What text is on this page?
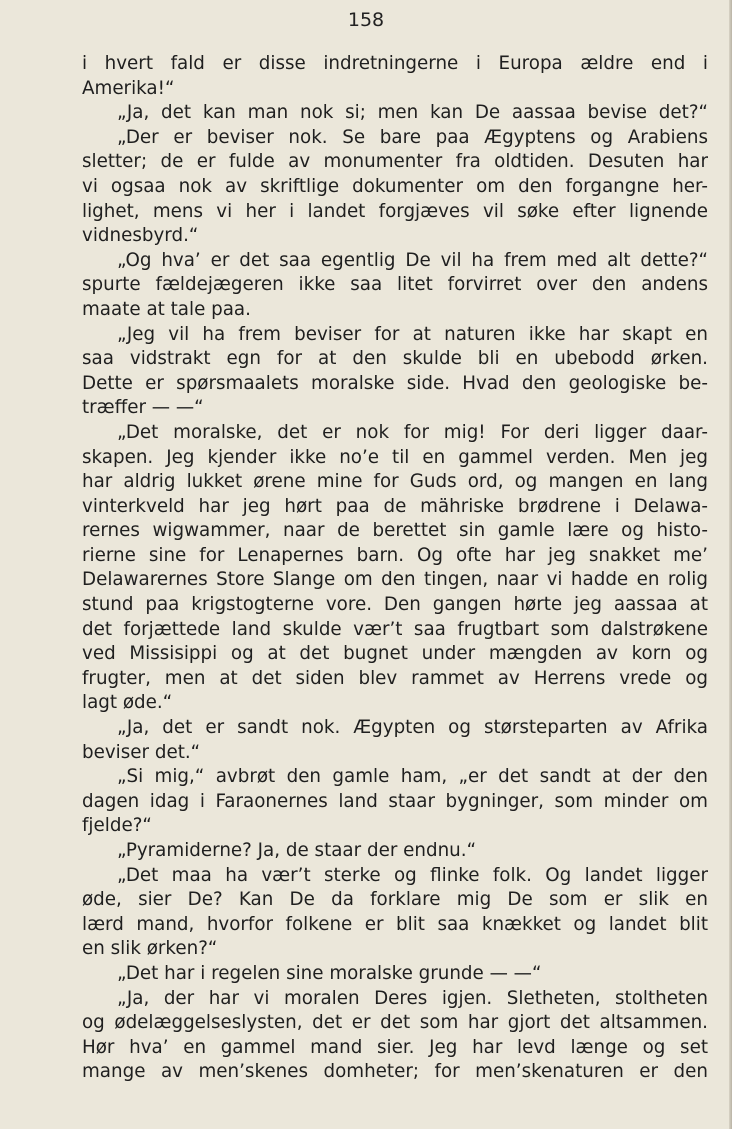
158
i hvert fald er disse indretningerne i Europa ældre end i
Amerika!“
„Ja, det kan man nok si; men kan De aassaa bevise det?“
„Der er beviser nok. Se bare paa Ægyptens og Arabiens
sletter; de er fulde av monumenter fra oldtiden. Desuten har
vi ogsaa nok av skriftlige dokumenter om den forgangne her-
lighet, mens vi her i landet forgjæves vil søke efter lignende
vidnesbyrd.“
„Og hva’ er det saa egentlig De vil ha frem med alt dette?“
spurte fældejægeren ikke saa litet forvirret over den andens
maate at tale paa.
„Jeg vil ha frem beviser for at naturen ikke har skapt en
saa vidstrakt egn for at den skulde bli en ubebodd ørken.
Dette er spørsmaalets moralske side. Hvad den geologiske be-
træffer — —“
„Det moralske, det er nok for mig! For deri ligger daar-
skapen. Jeg kjender ikke no’e til en gammel verden. Men jeg
har aldrig lukket ørene mine for Guds ord, og mangen en lang
vinterkveld har jeg hørt paa de mähriske brødrene i Delawa-
rernes wigwammer, naar de berettet sin gamle lære og histo-
rierne sine for Lenapernes barn. Og ofte har jeg snakket me’
Delawarernes Store Slange om den tingen, naar vi hadde en rolig
stund paa krigstogterne vore. Den gangen hørte jeg aassaa at
det forjættede land skulde vær’t saa frugtbart som dalstrøkene
ved Missisippi og at det bugnet under mængden av korn og
frugter, men at det siden blev rammet av Herrens vrede og
lagt øde.“
„Ja, det er sandt nok. Ægypten og størsteparten av Afrika
beviser det.“
„Si mig,“ avbrøt den gamle ham, „er det sandt at der den
dagen idag i Faraonernes land staar bygninger, som minder om
fjelde?“
„Pyramiderne? Ja, de staar der endnu.“
„Det maa ha vær’t sterke og flinke folk. Og landet ligger
øde, sier De? Kan De da forklare mig De som er slik en
lærd mand, hvorfor folkene er blit saa knækket og landet blit
en slik ørken?“
„Det har i regelen sine moralske grunde — —“
„Ja, der har vi moralen Deres igjen. Sletheten, stoltheten
og ødelæggelseslysten, det er det som har gjort det altsammen.
Hør hva’ en gammel mand sier. Jeg har levd længe og set
mange av men’skenes domheter; for men’skenaturen er den
